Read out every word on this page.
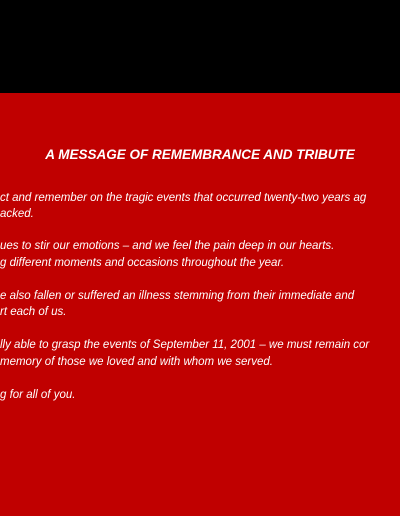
A MESSAGE OF REMEMBRANCE AND TRIBUTE
ct and remember on the tragic events that occurred twenty-two years ag
acked.
ues to stir our emotions – and we feel the pain deep in our hearts.
g different moments and occasions throughout the year.
e also fallen or suffered an illness stemming from their immediate and
rt each of us.
lly able to grasp the events of September 11, 2001 – we must remain cor
memory of those we loved and with whom we served.
g for all of you.
